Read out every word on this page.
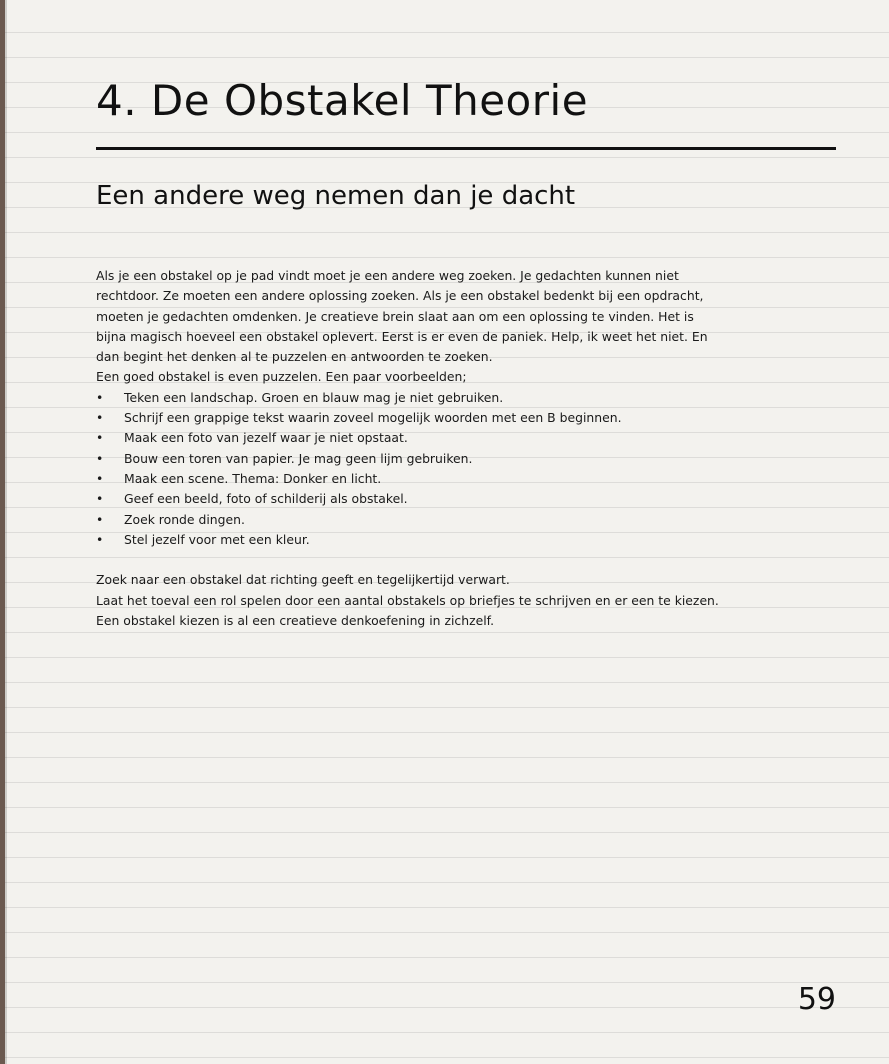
4. De Obstakel Theorie
Een andere weg nemen dan je dacht

Als je een obstakel op je pad vindt moet je een andere weg zoeken. Je gedachten kunnen niet

rechtdoor. Ze moeten een andere oplossing zoeken. Als je een obstakel bedenkt bij een opdracht,

moeten je gedachten omdenken. Je creatieve brein slaat aan om een oplossing te vinden. Het is

bijna magisch hoeveel een obstakel oplevert. Eerst is er even de paniek. Help, ik weet het niet. En

dan begint het denken al te puzzelen en antwoorden te zoeken.

Een goed obstakel is even puzzelen. Een paar voorbeelden;

• Teken een landschap. Groen en blauw mag je niet gebruiken.
• Schrijf een grappige tekst waarin zoveel mogelijk woorden met een B beginnen.
• Maak een foto van jezelf waar je niet opstaat.
• Bouw een toren van papier. Je mag geen lijm gebruiken.
• Maak een scene. Thema: Donker en licht.
• Geef een beeld, foto of schilderij als obstakel.
• Zoek ronde dingen.
• Stel jezelf voor met een kleur.

Zoek naar een obstakel dat richting geeft en tegelijkertijd verwart.

Laat het toeval een rol spelen door een aantal obstakels op briefjes te schrijven en er een te kiezen.

Een obstakel kiezen is al een creatieve denkoefening in zichzelf.

59
